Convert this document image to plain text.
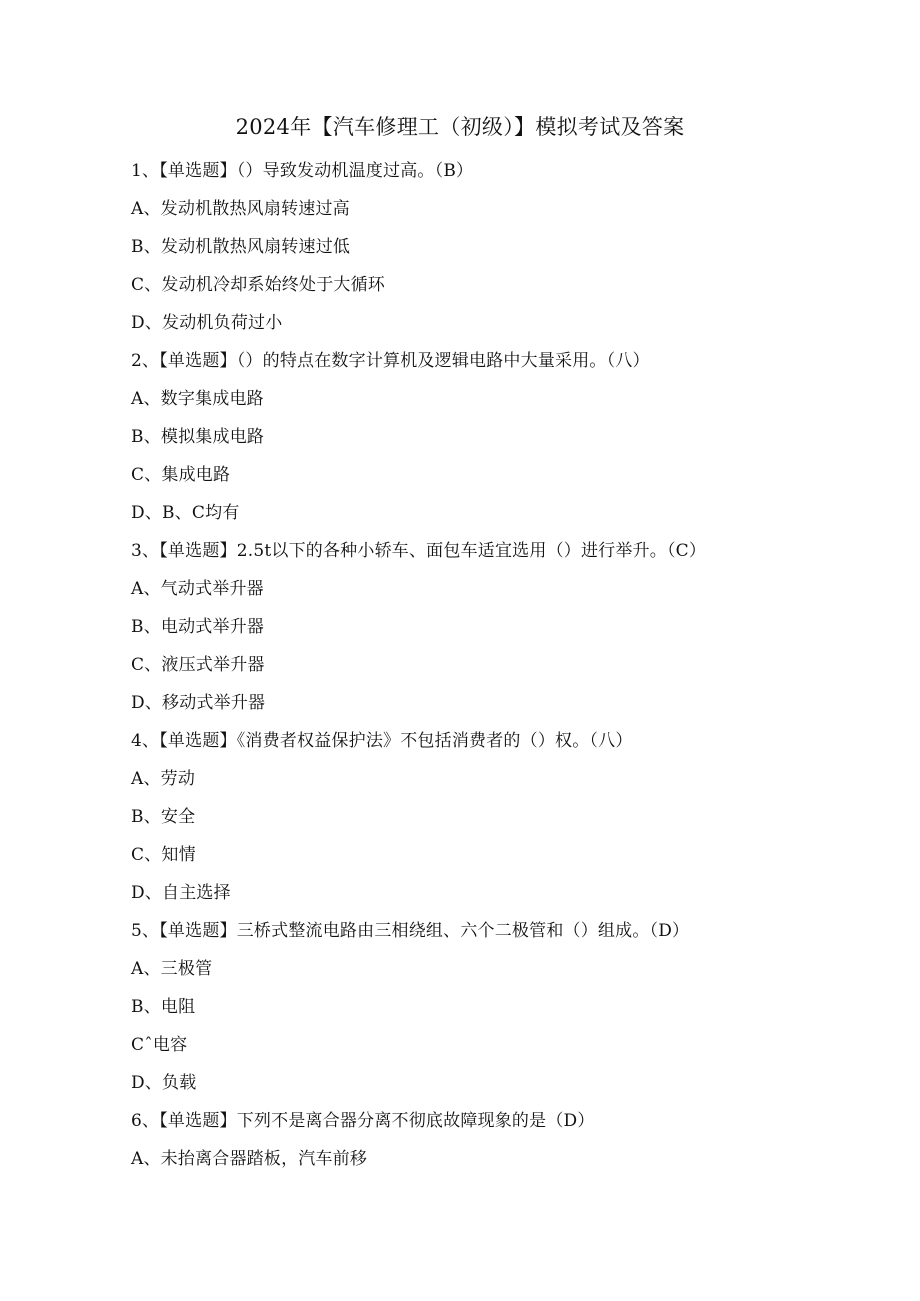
2024年【汽车修理工（初级）】模拟考试及答案
1、【单选题】（）导致发动机温度过高。（B）
A、发动机散热风扇转速过高
B、发动机散热风扇转速过低
C、发动机冷却系始终处于大循环
D、发动机负荷过小
2、【单选题】（）的特点在数字计算机及逻辑电路中大量采用。（八）
A、数字集成电路
B、模拟集成电路
C、集成电路
D、B、C均有
3、【单选题】2.5t以下的各种小轿车、面包车适宜选用（）进行举升。（C）
A、气动式举升器
B、电动式举升器
C、液压式举升器
D、移动式举升器
4、【单选题】《消费者权益保护法》不包括消费者的（）权。（八）
A、劳动
B、安全
C、知情
D、自主选择
5、【单选题】三桥式整流电路由三相绕组、六个二极管和（）组成。（D）
A、三极管
B、电阻
Cˆ电容
D、负载
6、【单选题】下列不是离合器分离不彻底故障现象的是（D）
A、未抬离合器踏板，汽车前移
